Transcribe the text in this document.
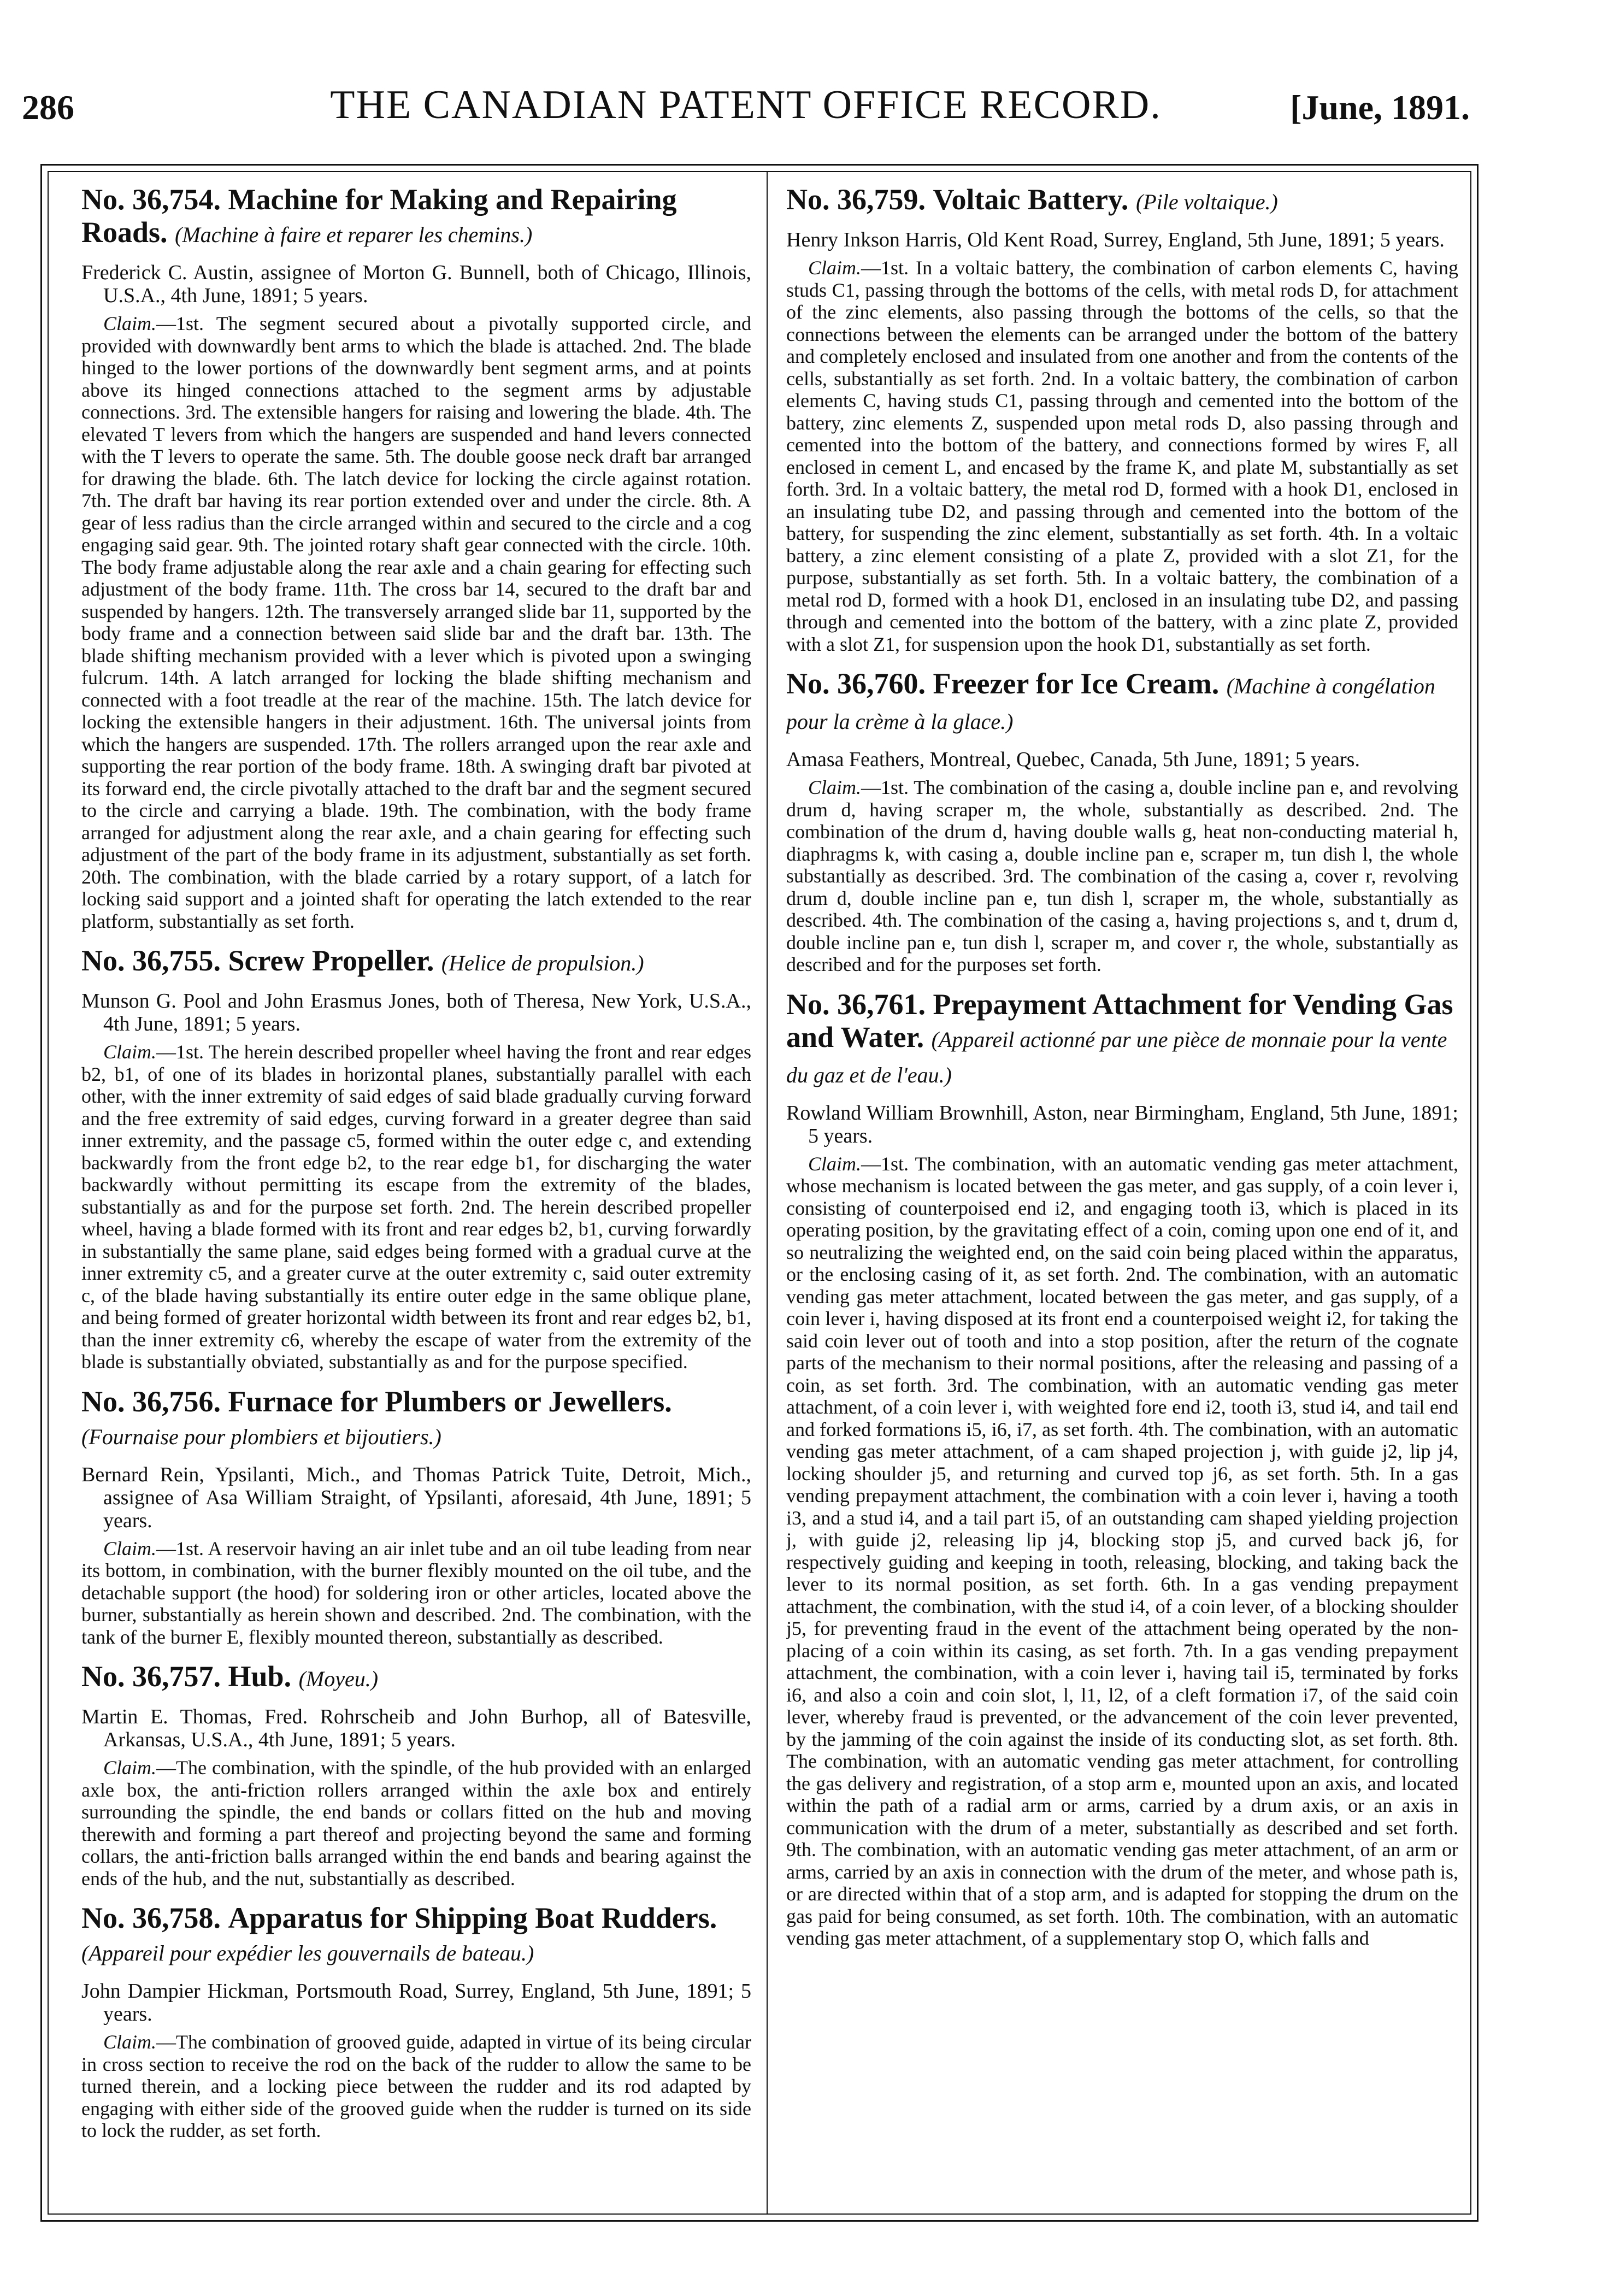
286	THE CANADIAN PATENT OFFICE RECORD.	[June, 1891.

No. 36,754. Machine for Making and Repairing Roads. (Machine à faire et reparer les chemins.)

Frederick C. Austin, assignee of Morton G. Bunnell, both of Chicago, Illinois, U.S.A., 4th June, 1891; 5 years.

Claim.—1st. The segment secured about a pivotally supported circle, and provided with downwardly bent arms to which the blade is attached. 2nd. The blade hinged to the lower portions of the downwardly bent segment arms, and at points above its hinged connections attached to the segment arms by adjustable connections. 3rd. The extensible hangers for raising and lowering the blade. 4th. The elevated T levers from which the hangers are suspended and hand levers connected with the T levers to operate the same. 5th. The double goose neck draft bar arranged for drawing the blade. 6th. The latch device for locking the circle against rotation. 7th. The draft bar having its rear portion extended over and under the circle. 8th. A gear of less radius than the circle arranged within and secured to the circle and a cog engaging said gear. 9th. The jointed rotary shaft gear connected with the circle. 10th. The body frame adjustable along the rear axle and a chain gearing for effecting such adjustment of the body frame. 11th. The cross bar 14, secured to the draft bar and suspended by hangers. 12th. The transversely arranged slide bar 11, supported by the body frame and a connection between said slide bar and the draft bar. 13th. The blade shifting mechanism provided with a lever which is pivoted upon a swinging fulcrum. 14th. A latch arranged for locking the blade shifting mechanism and connected with a foot treadle at the rear of the machine. 15th. The latch device for locking the extensible hangers in their adjustment. 16th. The universal joints from which the hangers are suspended. 17th. The rollers arranged upon the rear axle and supporting the rear portion of the body frame. 18th. A swinging draft bar pivoted at its forward end, the circle pivotally attached to the draft bar and the segment secured to the circle and carrying a blade. 19th. The combination, with the body frame arranged for adjustment along the rear axle, and a chain gearing for effecting such adjustment of the part of the body frame in its adjustment, substantially as set forth. 20th. The combination, with the blade carried by a rotary support, of a latch for locking said support and a jointed shaft for operating the latch extended to the rear platform, substantially as set forth.

No. 36,755. Screw Propeller. (Helice de propulsion.)

Munson G. Pool and John Erasmus Jones, both of Theresa, New York, U.S.A., 4th June, 1891; 5 years.

Claim.—1st. The herein described propeller wheel having the front and rear edges b2, b1, of one of its blades in horizontal planes, substantially parallel with each other, with the inner extremity of said edges of said blade gradually curving forward and the free extremity of said edges, curving forward in a greater degree than said inner extremity, and the passage c5, formed within the outer edge c, and extending backwardly from the front edge b2, to the rear edge b1, for discharging the water backwardly without permitting its escape from the extremity of the blades, substantially as and for the purpose set forth. 2nd. The herein described propeller wheel, having a blade formed with its front and rear edges b2, b1, curving forwardly in substantially the same plane, said edges being formed with a gradual curve at the inner extremity c5, and a greater curve at the outer extremity c, said outer extremity c, of the blade having substantially its entire outer edge in the same oblique plane, and being formed of greater horizontal width between its front and rear edges b2, b1, than the inner extremity c6, whereby the escape of water from the extremity of the blade is substantially obviated, substantially as and for the purpose specified.

No. 36,756. Furnace for Plumbers or Jewellers. (Fournaise pour plombiers et bijoutiers.)

Bernard Rein, Ypsilanti, Mich., and Thomas Patrick Tuite, Detroit, Mich., assignee of Asa William Straight, of Ypsilanti, aforesaid, 4th June, 1891; 5 years.

Claim.—1st. A reservoir having an air inlet tube and an oil tube leading from near its bottom, in combination, with the burner flexibly mounted on the oil tube, and the detachable support (the hood) for soldering iron or other articles, located above the burner, substantially as herein shown and described. 2nd. The combination, with the tank of the burner E, flexibly mounted thereon, substantially as described.

No. 36,757. Hub. (Moyeu.)

Martin E. Thomas, Fred. Rohrscheib and John Burhop, all of Batesville, Arkansas, U.S.A., 4th June, 1891; 5 years.

Claim.—The combination, with the spindle, of the hub provided with an enlarged axle box, the anti-friction rollers arranged within the axle box and entirely surrounding the spindle, the end bands or collars fitted on the hub and moving therewith and forming a part thereof and projecting beyond the same and forming collars, the anti-friction balls arranged within the end bands and bearing against the ends of the hub, and the nut, substantially as described.

No. 36,758. Apparatus for Shipping Boat Rudders. (Appareil pour expédier les gouvernails de bateau.)

John Dampier Hickman, Portsmouth Road, Surrey, England, 5th June, 1891; 5 years.

Claim.—The combination of grooved guide, adapted in virtue of its being circular in cross section to receive the rod on the back of the rudder to allow the same to be turned therein, and a locking piece between the rudder and its rod adapted by engaging with either side of the grooved guide when the rudder is turned on its side to lock the rudder, as set forth.

No. 36,759. Voltaic Battery. (Pile voltaique.)

Henry Inkson Harris, Old Kent Road, Surrey, England, 5th June, 1891; 5 years.

Claim.—1st. In a voltaic battery, the combination of carbon elements C, having studs C1, passing through the bottoms of the cells, with metal rods D, for attachment of the zinc elements, also passing through the bottoms of the cells, so that the connections between the elements can be arranged under the bottom of the battery and completely enclosed and insulated from one another and from the contents of the cells, substantially as set forth. 2nd. In a voltaic battery, the combination of carbon elements C, having studs C1, passing through and cemented into the bottom of the battery, zinc elements Z, suspended upon metal rods D, also passing through and cemented into the bottom of the battery, and connections formed by wires F, all enclosed in cement L, and encased by the frame K, and plate M, substantially as set forth. 3rd. In a voltaic battery, the metal rod D, formed with a hook D1, enclosed in an insulating tube D2, and passing through and cemented into the bottom of the battery, for suspending the zinc element, substantially as set forth. 4th. In a voltaic battery, a zinc element consisting of a plate Z, provided with a slot Z1, for the purpose, substantially as set forth. 5th. In a voltaic battery, the combination of a metal rod D, formed with a hook D1, enclosed in an insulating tube D2, and passing through and cemented into the bottom of the battery, with a zinc plate Z, provided with a slot Z1, for suspension upon the hook D1, substantially as set forth.

No. 36,760. Freezer for Ice Cream. (Machine à congélation pour la crème à la glace.)

Amasa Feathers, Montreal, Quebec, Canada, 5th June, 1891; 5 years.

Claim.—1st. The combination of the casing a, double incline pan e, and revolving drum d, having scraper m, the whole, substantially as described. 2nd. The combination of the drum d, having double walls g, heat non-conducting material h, diaphragms k, with casing a, double incline pan e, scraper m, tun dish l, the whole substantially as described. 3rd. The combination of the casing a, cover r, revolving drum d, double incline pan e, tun dish l, scraper m, the whole, substantially as described. 4th. The combination of the casing a, having projections s, and t, drum d, double incline pan e, tun dish l, scraper m, and cover r, the whole, substantially as described and for the purposes set forth.

No. 36,761. Prepayment Attachment for Vending Gas and Water. (Appareil actionné par une pièce de monnaie pour la vente du gaz et de l'eau.)

Rowland William Brownhill, Aston, near Birmingham, England, 5th June, 1891; 5 years.

Claim.—1st. The combination, with an automatic vending gas meter attachment, whose mechanism is located between the gas meter, and gas supply, of a coin lever i, consisting of counterpoised end i2, and engaging tooth i3, which is placed in its operating position, by the gravitating effect of a coin, coming upon one end of it, and so neutralizing the weighted end, on the said coin being placed within the apparatus, or the enclosing casing of it, as set forth. 2nd. The combination, with an automatic vending gas meter attachment, located between the gas meter, and gas supply, of a coin lever i, having disposed at its front end a counterpoised weight i2, for taking the said coin lever out of tooth and into a stop position, after the return of the cognate parts of the mechanism to their normal positions, after the releasing and passing of a coin, as set forth. 3rd. The combination, with an automatic vending gas meter attachment, of a coin lever i, with weighted fore end i2, tooth i3, stud i4, and tail end and forked formations i5, i6, i7, as set forth. 4th. The combination, with an automatic vending gas meter attachment, of a cam shaped projection j, with guide j2, lip j4, locking shoulder j5, and returning and curved top j6, as set forth. 5th. In a gas vending prepayment attachment, the combination with a coin lever i, having a tooth i3, and a stud i4, and a tail part i5, of an outstanding cam shaped yielding projection j, with guide j2, releasing lip j4, blocking stop j5, and curved back j6, for respectively guiding and keeping in tooth, releasing, blocking, and taking back the lever to its normal position, as set forth. 6th. In a gas vending prepayment attachment, the combination, with the stud i4, of a coin lever, of a blocking shoulder j5, for preventing fraud in the event of the attachment being operated by the non-placing of a coin within its casing, as set forth. 7th. In a gas vending prepayment attachment, the combination, with a coin lever i, having tail i5, terminated by forks i6, and also a coin and coin slot, l, l1, l2, of a cleft formation i7, of the said coin lever, whereby fraud is prevented, or the advancement of the coin lever prevented, by the jamming of the coin against the inside of its conducting slot, as set forth. 8th. The combination, with an automatic vending gas meter attachment, for controlling the gas delivery and registration, of a stop arm e, mounted upon an axis, and located within the path of a radial arm or arms, carried by a drum axis, or an axis in communication with the drum of a meter, substantially as described and set forth. 9th. The combination, with an automatic vending gas meter attachment, of an arm or arms, carried by an axis in connection with the drum of the meter, and whose path is, or are directed within that of a stop arm, and is adapted for stopping the drum on the gas paid for being consumed, as set forth. 10th. The combination, with an automatic vending gas meter attachment, of a supplementary stop O, which falls and
